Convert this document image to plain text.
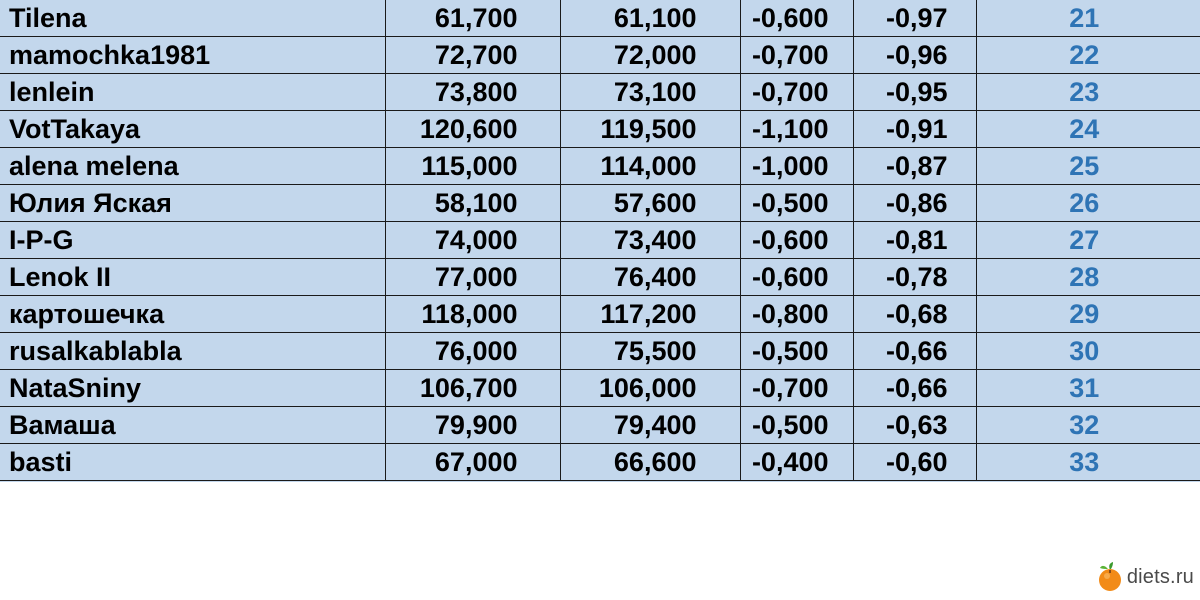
Tilena	61,700	61,100	-0,600	-0,97	21
mamochka1981	72,700	72,000	-0,700	-0,96	22
lenlein	73,800	73,100	-0,700	-0,95	23
VotTakaya	120,600	119,500	-1,100	-0,91	24
alena melena	115,000	114,000	-1,000	-0,87	25
Юлия Яская	58,100	57,600	-0,500	-0,86	26
I-P-G	74,000	73,400	-0,600	-0,81	27
Lenok II	77,000	76,400	-0,600	-0,78	28
картошечка	118,000	117,200	-0,800	-0,68	29
rusalkablabla	76,000	75,500	-0,500	-0,66	30
NataSniny	106,700	106,000	-0,700	-0,66	31
Вамаша	79,900	79,400	-0,500	-0,63	32
basti	67,000	66,600	-0,400	-0,60	33
diets.ru
